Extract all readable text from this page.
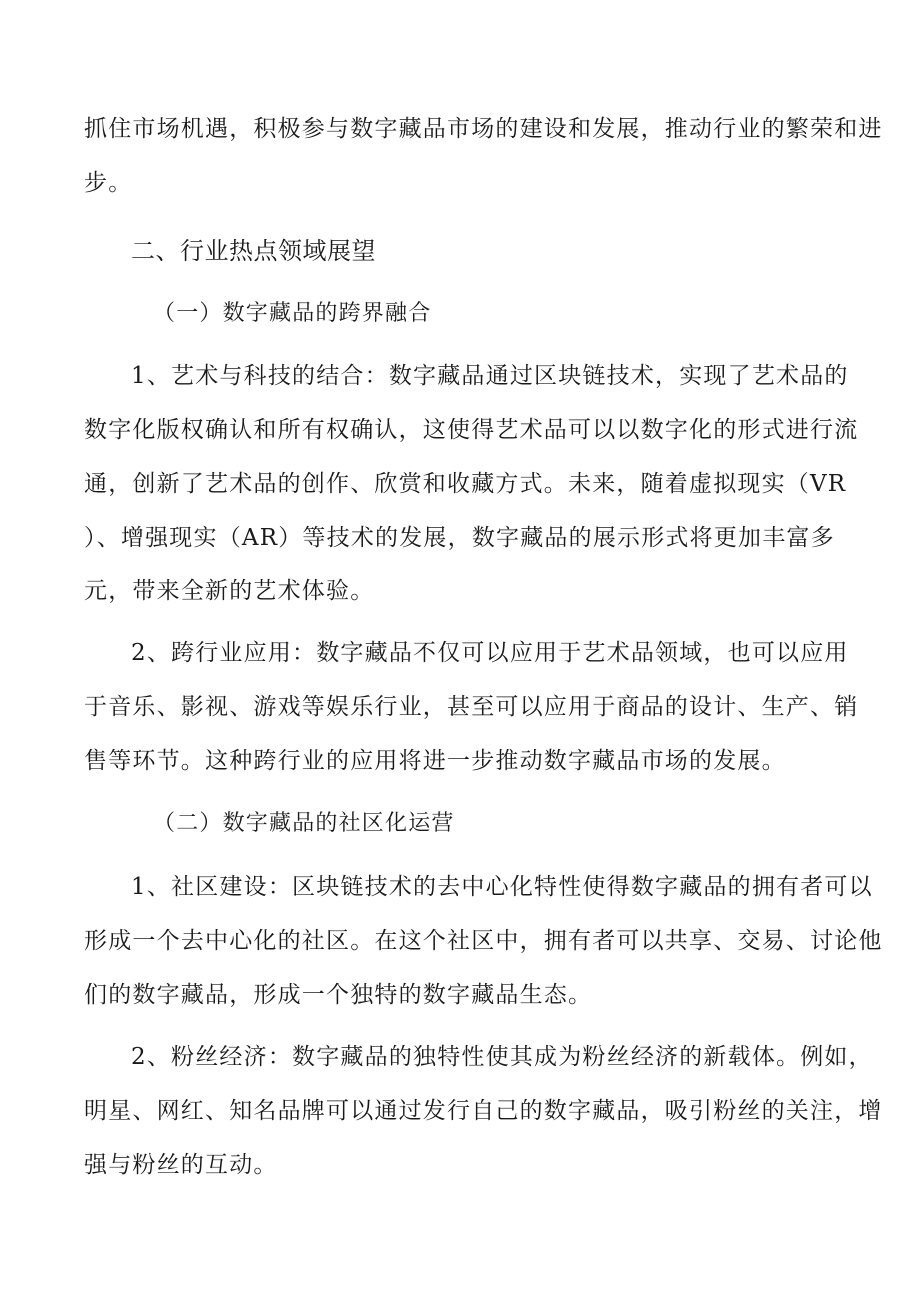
抓住市场机遇，积极参与数字藏品市场的建设和发展，推动行业的繁荣和进
步。
二、行业热点领域展望
（一）数字藏品的跨界融合
1、艺术与科技的结合：数字藏品通过区块链技术，实现了艺术品的
数字化版权确认和所有权确认，这使得艺术品可以以数字化的形式进行流
通，创新了艺术品的创作、欣赏和收藏方式。未来，随着虚拟现实（VR
）、增强现实（AR）等技术的发展，数字藏品的展示形式将更加丰富多
元，带来全新的艺术体验。
2、跨行业应用：数字藏品不仅可以应用于艺术品领域，也可以应用
于音乐、影视、游戏等娱乐行业，甚至可以应用于商品的设计、生产、销
售等环节。这种跨行业的应用将进一步推动数字藏品市场的发展。
（二）数字藏品的社区化运营
1、社区建设：区块链技术的去中心化特性使得数字藏品的拥有者可以
形成一个去中心化的社区。在这个社区中，拥有者可以共享、交易、讨论他
们的数字藏品，形成一个独特的数字藏品生态。
2、粉丝经济：数字藏品的独特性使其成为粉丝经济的新载体。例如，
明星、网红、知名品牌可以通过发行自己的数字藏品，吸引粉丝的关注，增
强与粉丝的互动。
